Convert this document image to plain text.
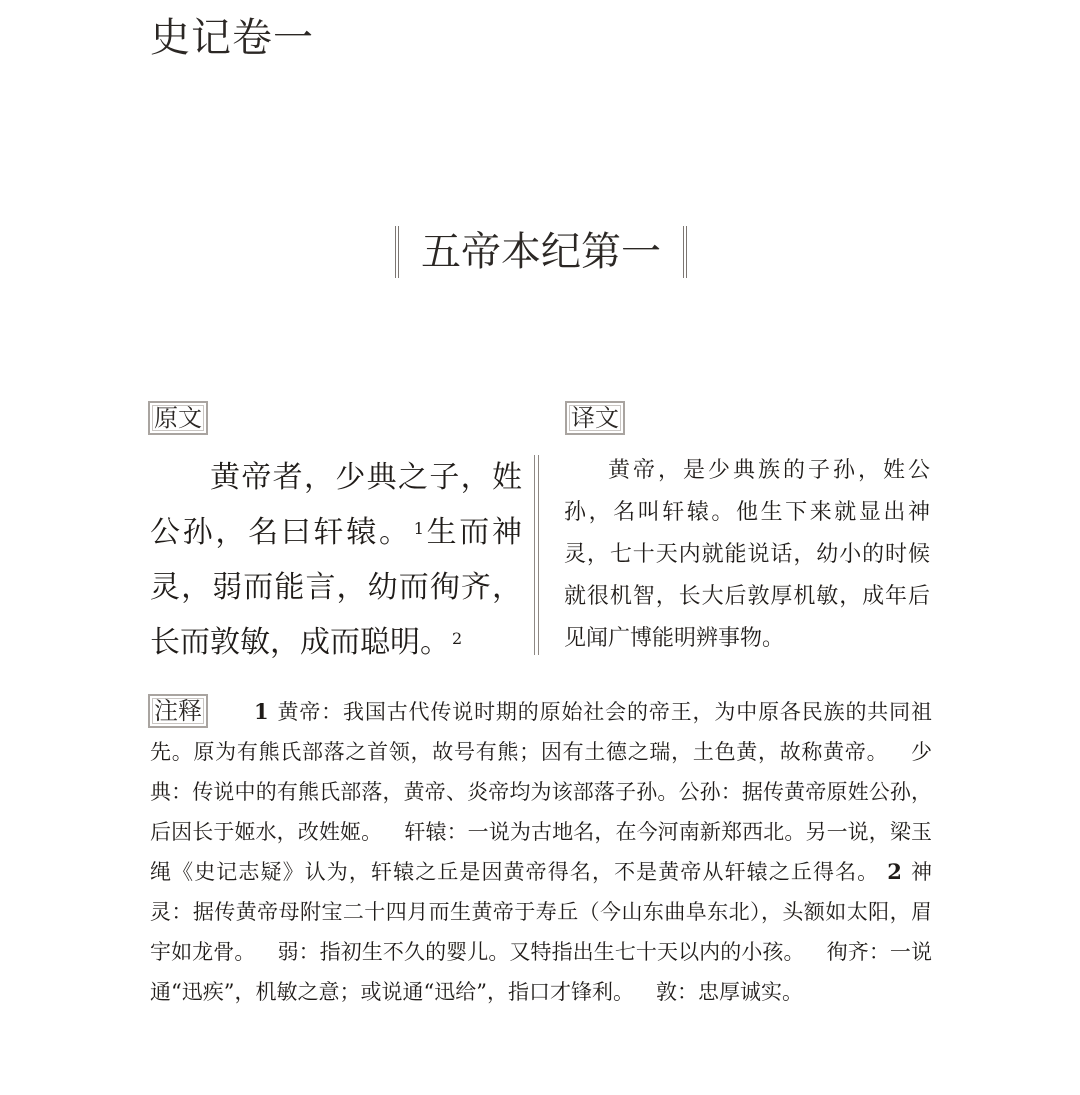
史记卷一
五帝本纪第一
原文	译文

黄帝者，少典之子，姓公孙，名曰轩辕。 $^1$生而神灵，弱而能言，幼而徇齐，长而敦敏，成而聪明。 $^2$

黄帝，是少典族的子孙，姓公孙，名叫轩辕。他生下来就显出神灵，七十天内就能说话，幼小的时候就很机智，长大后敦厚机敏，成年后见闻广博能明辨事物。

1 黄帝：我国古代传说时期的原始社会的帝王，为中原各民族的共同祖先。原为有熊氏部落之首领，故号有熊；因有土德之瑞，土色黄，故称黄帝。 少典：传说中的有熊氏部落，黄帝、炎帝均为该部落子孙。公孙：据传黄帝原姓公孙，后因长于姬水，改姓姬。 轩辕：一说为古地名，在今河南新郑西北。另一说，梁玉绳《史记志疑》认为，轩辕之丘是因黄帝得名，不是黄帝从轩辕之丘得名。 2 神灵：据传黄帝母附宝二十四月而生黄帝于寿丘（今山东曲阜东北），头额如太阳，眉宇如龙骨。 弱：指初生不久的婴儿。又特指出生七十天以内的小孩。 徇齐：一说通“迅疾”，机敏之意；或说通“迅给”，指口才锋利。 敦：忠厚诚实。

注释
